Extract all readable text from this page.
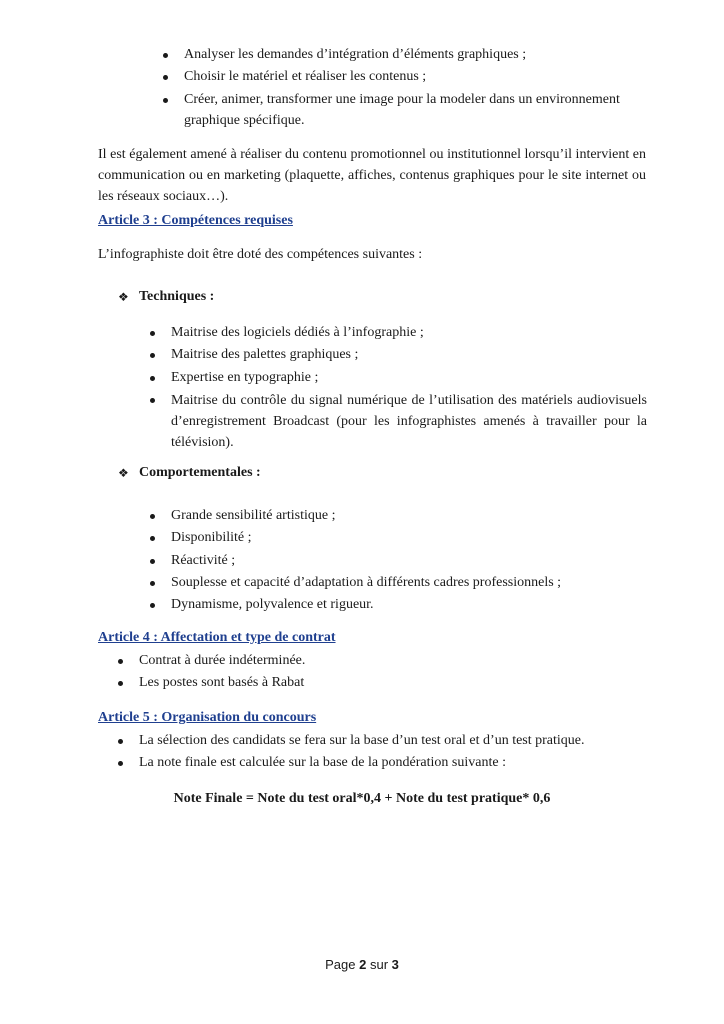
Analyser les demandes d’intégration d’éléments graphiques ;
Choisir le matériel et réaliser les contenus ;
Créer, animer, transformer une image pour la modeler dans un environnement
graphique spécifique.
Il est également amené à réaliser du contenu promotionnel ou institutionnel lorsqu’il intervient en communication ou en marketing (plaquette, affiches, contenus graphiques pour le site internet ou les réseaux sociaux…).
Article 3 : Compétences requises
L’infographiste doit être doté des compétences suivantes :
❖ Techniques :
Maitrise des logiciels dédiés à l’infographie ;
Maitrise des palettes graphiques ;
Expertise en typographie ;
Maitrise du contrôle du signal numérique de l’utilisation des matériels audiovisuels d’enregistrement Broadcast (pour les infographistes amenés à travailler pour la télévision).
❖ Comportementales :
Grande sensibilité artistique ;
Disponibilité ;
Réactivité ;
Souplesse et capacité d’adaptation à différents cadres professionnels ;
Dynamisme, polyvalence et rigueur.
Article 4 : Affectation et type de contrat
Contrat à durée indéterminée.
Les postes sont basés à Rabat
Article 5 : Organisation du concours
La sélection des candidats se fera sur la base d’un test oral et d’un test pratique.
La note finale est calculée sur la base de la pondération suivante :
Note Finale = Note du test oral*0,4 + Note du test pratique* 0,6
Page 2 sur 3
